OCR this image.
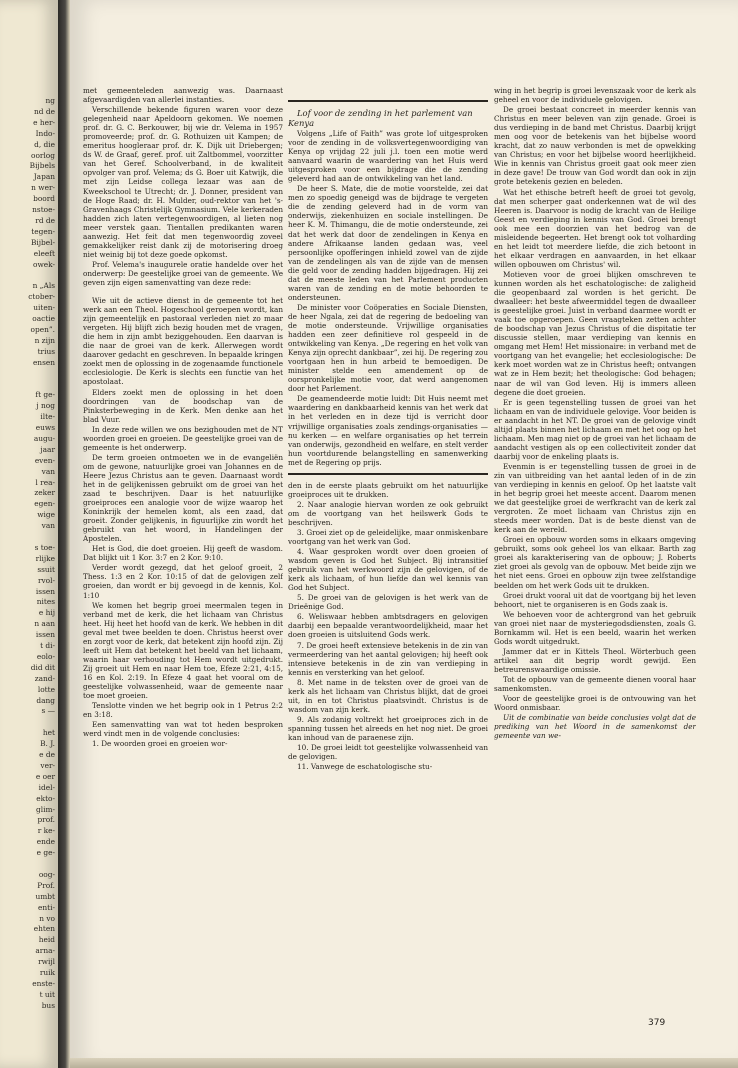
ng
nd de
e her-
Indo-
d, die
oorlog
Bijbels
Japan
n wer-
boord
nstoe-
rd de
tegen-
Bijbel-
eleeft
owek-
n „Als
ctober-
uiten-
oactie
open”.
n zijn
trius
ensen
ft ge-
j nog
ilte-
euws
augu-
jaar
even-
van
l rea-
zeker
egen-
wige
van
s toe-
rlijke
ssuit
rvol-
issen
nites
e hij
n aan
issen
t di-
eolo-
did dit
zand-
lotte
dang
s —
het
B. J.
e de
ver-
e oer
idel-
ekto-
glim-
prof.
r ke-
ende
e ge-
oog-
Prof.
umbt
enti-
n vo
ehten
heid
arna-
rwijl
ruik
enste-
t uit
bus

met gemeenteleden aanwezig was. Daarnaast afgevaardigden van allerlei instanties.

Verschillende bekende figuren waren voor deze gelegenheid naar Apeldoorn gekomen. We noemen prof. dr. G. C. Berkouwer, bij wie dr. Velema in 1957 promoveerde; prof. dr. G. Rothuizen uit Kampen; de emeritus hoogleraar prof. dr. K. Dijk uit Driebergen; ds W. de Graaf, geref. prof. uit Zaltbommel, voorzitter van het Geref. Schoolverband, in de kwaliteit opvolger van prof. Velema; ds G. Boer uit Katwijk, die met zijn Leidse collega lezaar was aan de Kweekschool te Utrecht; dr. J. Donner, president van de Hoge Raad; dr. H. Mulder, oud-rektor van het 's-Gravenhaags Christelijk Gymnasium. Vele kerkeraden hadden zich laten vertegenwoordigen, al lieten nog meer verstek gaan. Tientallen predikanten waren aanwezig. Het feit dat men tegenwoordig zoveel gemakkelijker reist dank zij de motorisering droeg niet weinig bij tot deze goede opkomst.

Prof. Velema's inaugurele oratie handelde over het onderwerp: De geestelijke groei van de gemeente. We geven zijn eigen samenvatting van deze rede:

Wie uit de actieve dienst in de gemeente tot het werk aan een Theol. Hogeschool geroepen wordt, kan zijn gemeentelijk en pastoraal verleden niet zo maar vergeten. Hij blijft zich bezig houden met de vragen, die hem in zijn ambt beziggehouden. Een daarvan is die naar de groei van de kerk. Allerwegen wordt daarover gedacht en geschreven. In bepaalde kringen zoekt men de oplossing in de zogenaamde functionele ecclesiologie. De Kerk is slechts een functie van het apostolaat.

Elders zoekt men de oplossing in het doen doordringen van de boodschap van de Pinksterbeweging in de Kerk. Men denke aan het blad Vuur.

In deze rede willen we ons bezighouden met de NT woorden groei en groeien. De geestelijke groei van de gemeente is het onderwerp.

De term groeien ontmoeten we in de evangeliën om de gewone, natuurlijke groei van Johannes en de Heere Jezus Christus aan te geven. Daarnaast wordt het in de gelijkenissen gebruikt om de groei van het zaad te beschrijven. Daar is het natuurlijke groeiproces een analogie voor de wijze waarop het Koninkrijk der hemelen komt, als een zaad, dat groeit. Zonder gelijkenis, in figuurlijke zin wordt het gebruikt van het woord, in Handelingen der Apostelen.

Het is God, die doet groeien. Hij geeft de wasdom. Dat blijkt uit 1 Kor. 3:7 en 2 Kor. 9:10.

Verder wordt gezegd, dat het geloof groeit, 2 Thess. 1:3 en 2 Kor. 10:15 of dat de gelovigen zelf groeien, dan wordt er bij gevoegd in de kennis, Kol. 1:10

We komen het begrip groei meermalen tegen in verband met de kerk, die het lichaam van Christus heet. Hij heet het hoofd van de kerk. We hebben in dit geval met twee beelden te doen. Christus heerst over en zorgt voor de kerk, dat betekent zijn hoofd zijn. Zij leeft uit Hem dat betekent het beeld van het lichaam, waarin haar verhouding tot Hem wordt uitgedrukt. Zij groeit uit Hem en naar Hem toe, Efeze 2:21, 4:15, 16 en Kol. 2:19. In Efeze 4 gaat het vooral om de geestelijke volwassenheid, waar de gemeente naar toe moet groeien.

Tenslotte vinden we het begrip ook in 1 Petrus 2:2 en 3:18.

Een samenvatting van wat tot heden besproken werd vindt men in de volgende conclusies:

1. De woorden groei en groeien wor-

Lof voor de zending in het parlement van Kenya

Volgens „Life of Faith” was grote lof uitgesproken voor de zending in de volksvertegenwoordiging van Kenya op vrijdag 22 juli j.l. toen een motie werd aanvaard waarin de waardering van het Huis werd uitgesproken voor een bijdrage die de zending geleverd had aan de ontwikkeling van het land.

De heer S. Mate, die de motie voorstelde, zei dat men zo spoedig geneigd was de bijdrage te vergeten die de zending geleverd had in de vorm van onderwijs, ziekenhuizen en sociale instellingen. De heer K. M. Thimangu, die de motie ondersteunde, zei dat het werk dat door de zendelingen in Kenya en andere Afrikaanse landen gedaan was, veel persoonlijke opofferingen inhield zowel van de zijde van de zendelingen als van de zijde van de mensen die geld voor de zending hadden bijgedragen. Hij zei dat de meeste leden van het Parlement producten waren van de zending en de motie behoorden te ondersteunen.

De minister voor Coöperaties en Sociale Diensten, de heer Ngala, zei dat de regering de bedoeling van de motie ondersteunde. Vrijwillige organisaties hadden een zeer definitieve rol gespeeld in de ontwikkeling van Kenya. „De regering en het volk van Kenya zijn oprecht dankbaar”, zei hij. De regering zou voortgaan hen in hun arbeid te bemoedigen. De minister stelde een amendement op de oorspronkelijke motie voor, dat werd aangenomen door het Parlement.

De geamendeerde motie luidt: Dit Huis neemt met waardering en dankbaarheid kennis van het werk dat in het verleden en in deze tijd is verricht door vrijwillige organisaties zoals zendings-organisaties — nu kerken — en welfare organisaties op het terrein van onderwijs, gezondheid en welfare, en stelt verder hun voortdurende belangstelling en samenwerking met de Regering op prijs.

den in de eerste plaats gebruikt om het natuurlijke groeiproces uit te drukken.

2. Naar analogie hiervan worden ze ook gebruikt om de voortgang van het heilswerk Gods te beschrijven.

3. Groei ziet op de geleidelijke, maar onmiskenbare voortgang van het werk van God.

4. Waar gesproken wordt over doen groeien of wasdom geven is God het Subject. Bij intransitief gebruik van het werkwoord zijn de gelovigen, of de kerk als lichaam, of hun liefde dan wel kennis van God het Subject.

5. De groei van de gelovigen is het werk van de Drieënige God.

6. Weliswaar hebben ambtsdragers en gelovigen daarbij een bepaalde verantwoordelijkheid, maar het doen groeien is uitsluitend Gods werk.

7. De groei heeft extensieve betekenis in de zin van vermeerdering van het aantal gelovigen; hij heeft ook intensieve betekenis in de zin van verdieping in kennis en versterking van het geloof.

8. Met name in de teksten over de groei van de kerk als het lichaam van Christus blijkt, dat de groei uit, in en tot Christus plaatsvindt. Christus is de wasdom van zijn kerk.

9. Als zodanig voltrekt het groeiproces zich in de spanning tussen het alreeds en het nog niet. De groei kan inhoud van de paraenese zijn.

10. De groei leidt tot geestelijke volwassenheid van de gelovigen.

11. Vanwege de eschatologische stu-

wing in het begrip is groei levenszaak voor de kerk als geheel en voor de individuele gelovigen.

De groei bestaat concreet in meerder kennis van Christus en meer beleven van zijn genade. Groei is dus verdieping in de band met Christus. Daarbij krijgt men oog voor de betekenis van het bijbelse woord kracht, dat zo nauw verbonden is met de opwekking van Christus; en voor het bijbelse woord heerlijkheid. Wie in kennis van Christus groeit gaat ook meer zien in deze gave! De trouw van God wordt dan ook in zijn grote betekenis gezien en beleden.

Wat het ethische betreft heeft de groei tot gevolg, dat men scherper gaat onderkennen wat de wil des Heeren is. Daarvoor is nodig de kracht van de Heilige Geest en verdieping in kennis van God. Groei brengt ook mee een doorzien van het bedrog van de misleidende begeerten. Het brengt ook tot volharding en het leidt tot meerdere liefde, die zich betoont in het elkaar verdragen en aanvaarden, in het elkaar willen opbouwen om Christus' wil.

Motieven voor de groei blijken omschreven te kunnen worden als het eschatologische: de zaligheid die geopenbaard zal worden is het gericht. De dwaalleer: het beste afweermiddel tegen de dwaalleer is geestelijke groei. Juist in verband daarmee wordt er vaak toe opgeroepen. Geen vraagteken zetten achter de boodschap van Jezus Christus of die dispitatie ter discussie stellen, maar verdieping van kennis en omgang met Hem! Het missionaire: in verband met de voortgang van het evangelie; het ecclesiologische: De kerk moet worden wat ze in Christus heeft; ontvangen wat ze in Hem bezit; het theologische: God behagen; naar de wil van God leven. Hij is immers alleen degene die doet groeien.

Er is geen tegenstelling tussen de groei van het lichaam en van de individuele gelovige. Voor beiden is er aandacht in het NT. De groei van de gelovige vindt altijd plaats binnen het lichaam en met het oog op het lichaam. Men mag niet op de groei van het lichaam de aandacht vestigen als op een collectiviteit zonder dat daarbij voor de enkeling plaats is.

Evenmin is er tegenstelling tussen de groei in de zin van uitbreiding van het aantal leden of in de zin van verdieping in kennis en geloof. Op het laatste valt in het begrip groei het meeste accent. Daarom menen we dat geestelijke groei de werfkracht van de kerk zal vergroten. Ze moet lichaam van Christus zijn en steeds meer worden. Dat is de beste dienst van de kerk aan de wereld.

Groei en opbouw worden soms in elkaars omgeving gebruikt, soms ook geheel los van elkaar. Barth zag groei als karakterisering van de opbouw; J. Roberts ziet groei als gevolg van de opbouw. Met beide zijn we het niet eens. Groei en opbouw zijn twee zelfstandige beelden om het werk Gods uit te drukken.

Groei drukt vooral uit dat de voortgang bij het leven behoort, niet te organiseren is en Gods zaak is.

We behoeven voor de achtergrond van het gebruik van groei niet naar de mysteriegodsdiensten, zoals G. Bornkamm wil. Het is een beeld, waarin het werken Gods wordt uitgedrukt.

Jammer dat er in Kittels Theol. Wörterbuch geen artikel aan dit begrip wordt gewijd. Een betreurenswaardige omissie.

Tot de opbouw van de gemeente dienen vooral haar samenkomsten.

Voor de geestelijke groei is de ontvouwing van het Woord onmisbaar.

Uit de combinatie van beide conclusies volgt dat de prediking van het Woord in de samenkomst der gemeente van we-

379
